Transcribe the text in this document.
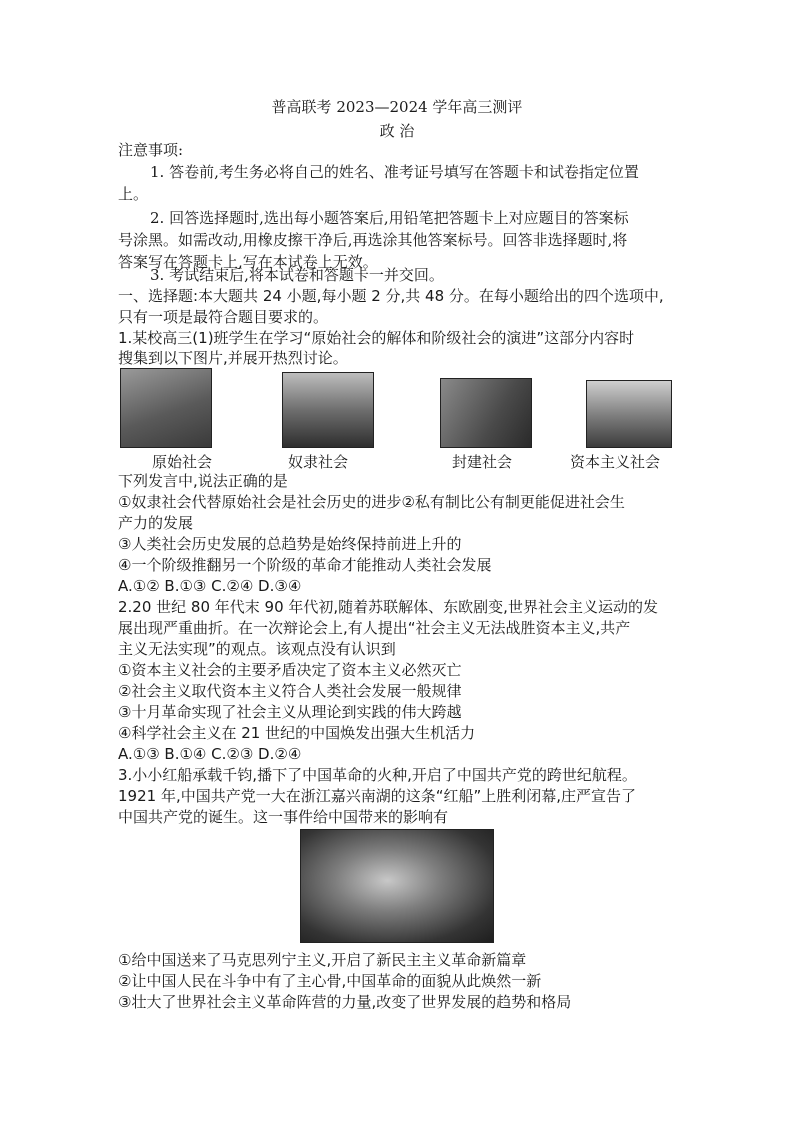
普高联考 2023—2024 学年高三测评
政 治
注意事项:
1. 答卷前,考生务必将自己的姓名、准考证号填写在答题卡和试卷指定位置
上。
2. 回答选择题时,选出每小题答案后,用铅笔把答题卡上对应题目的答案标
号涂黑。如需改动,用橡皮擦干净后,再选涂其他答案标号。回答非选择题时,将
答案写在答题卡上,写在本试卷上无效。
3. 考试结束后,将本试卷和答题卡一并交回。
一、选择题:本大题共 24 小题,每小题 2 分,共 48 分。在每小题给出的四个选项中,
只有一项是最符合题目要求的。
1.某校高三(1)班学生在学习“原始社会的解体和阶级社会的演进”这部分内容时
搜集到以下图片,并展开热烈讨论。
原始社会	奴隶社会	封建社会	资本主义社会
下列发言中,说法正确的是
①奴隶社会代替原始社会是社会历史的进步②私有制比公有制更能促进社会生
产力的发展
③人类社会历史发展的总趋势是始终保持前进上升的
④一个阶级推翻另一个阶级的革命才能推动人类社会发展
A.①② B.①③ C.②④ D.③④
2.20 世纪 80 年代末 90 年代初,随着苏联解体、东欧剧变,世界社会主义运动的发
展出现严重曲折。在一次辩论会上,有人提出“社会主义无法战胜资本主义,共产
主义无法实现”的观点。该观点没有认识到
①资本主义社会的主要矛盾决定了资本主义必然灭亡
②社会主义取代资本主义符合人类社会发展一般规律
③十月革命实现了社会主义从理论到实践的伟大跨越
④科学社会主义在 21 世纪的中国焕发出强大生机活力
A.①③ B.①④ C.②③ D.②④
3.小小红船承载千钧,播下了中国革命的火种,开启了中国共产党的跨世纪航程。
1921 年,中国共产党一大在浙江嘉兴南湖的这条“红船”上胜利闭幕,庄严宣告了
中国共产党的诞生。这一事件给中国带来的影响有
①给中国送来了马克思列宁主义,开启了新民主主义革命新篇章
②让中国人民在斗争中有了主心骨,中国革命的面貌从此焕然一新
③壮大了世界社会主义革命阵营的力量,改变了世界发展的趋势和格局
